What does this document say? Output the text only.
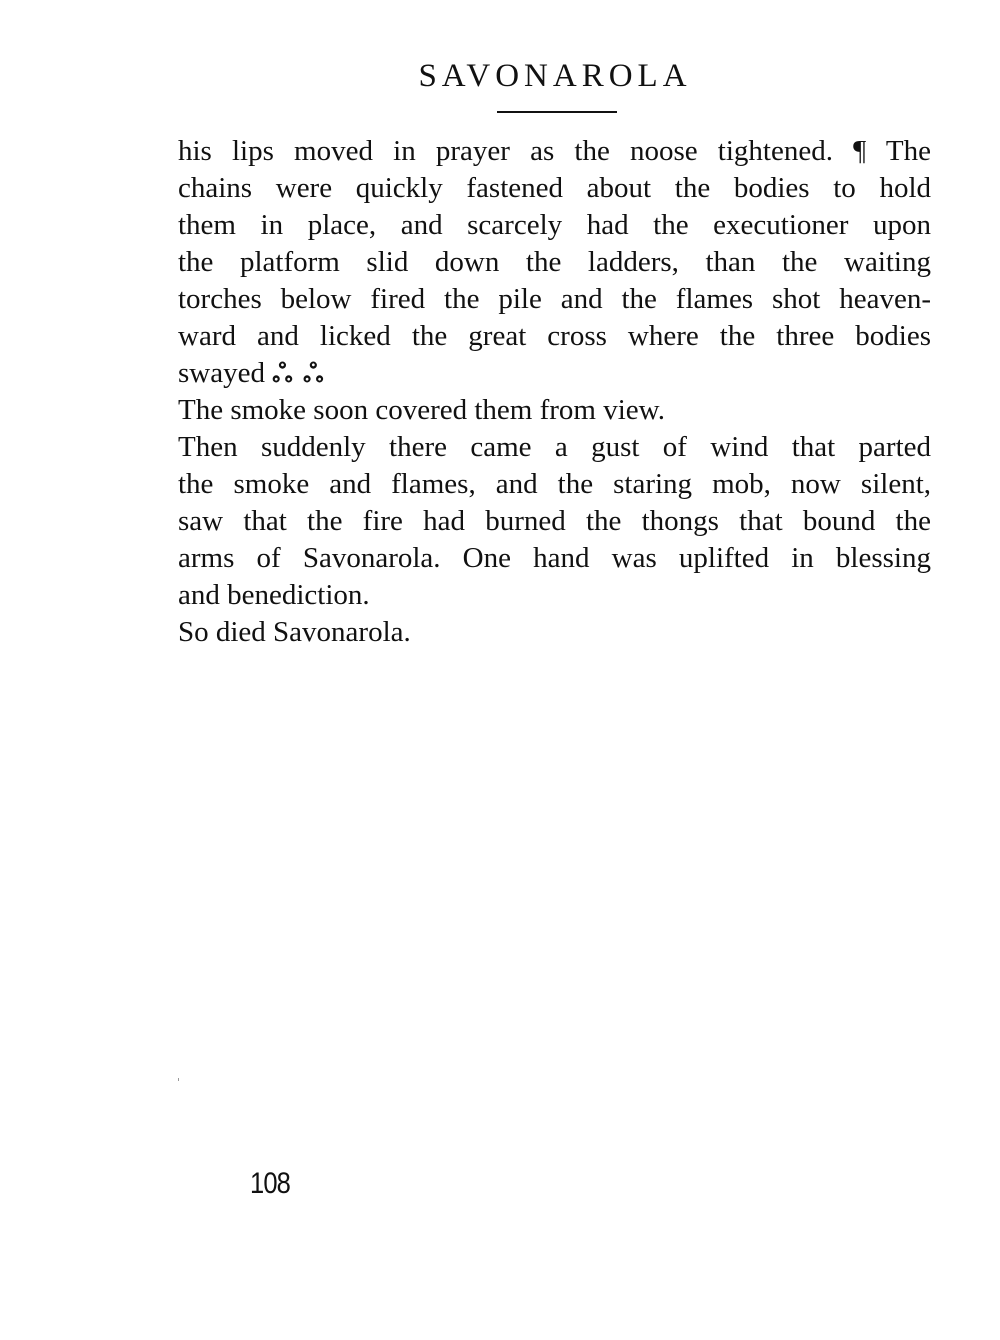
SAVONAROLA
his lips moved in prayer as the noose tightened. ¶ The
chains were quickly fastened about the bodies to hold
them in place, and scarcely had the executioner upon
the platform slid down the ladders, than the waiting
torches below fired the pile and the flames shot heaven-
ward and licked the great cross where the three bodies
swayed ஃ ஃ
The smoke soon covered them from view.
Then suddenly there came a gust of wind that parted
the smoke and flames, and the staring mob, now silent,
saw that the fire had burned the thongs that bound the
arms of Savonarola. One hand was uplifted in blessing
and benediction.
So died Savonarola.
108
